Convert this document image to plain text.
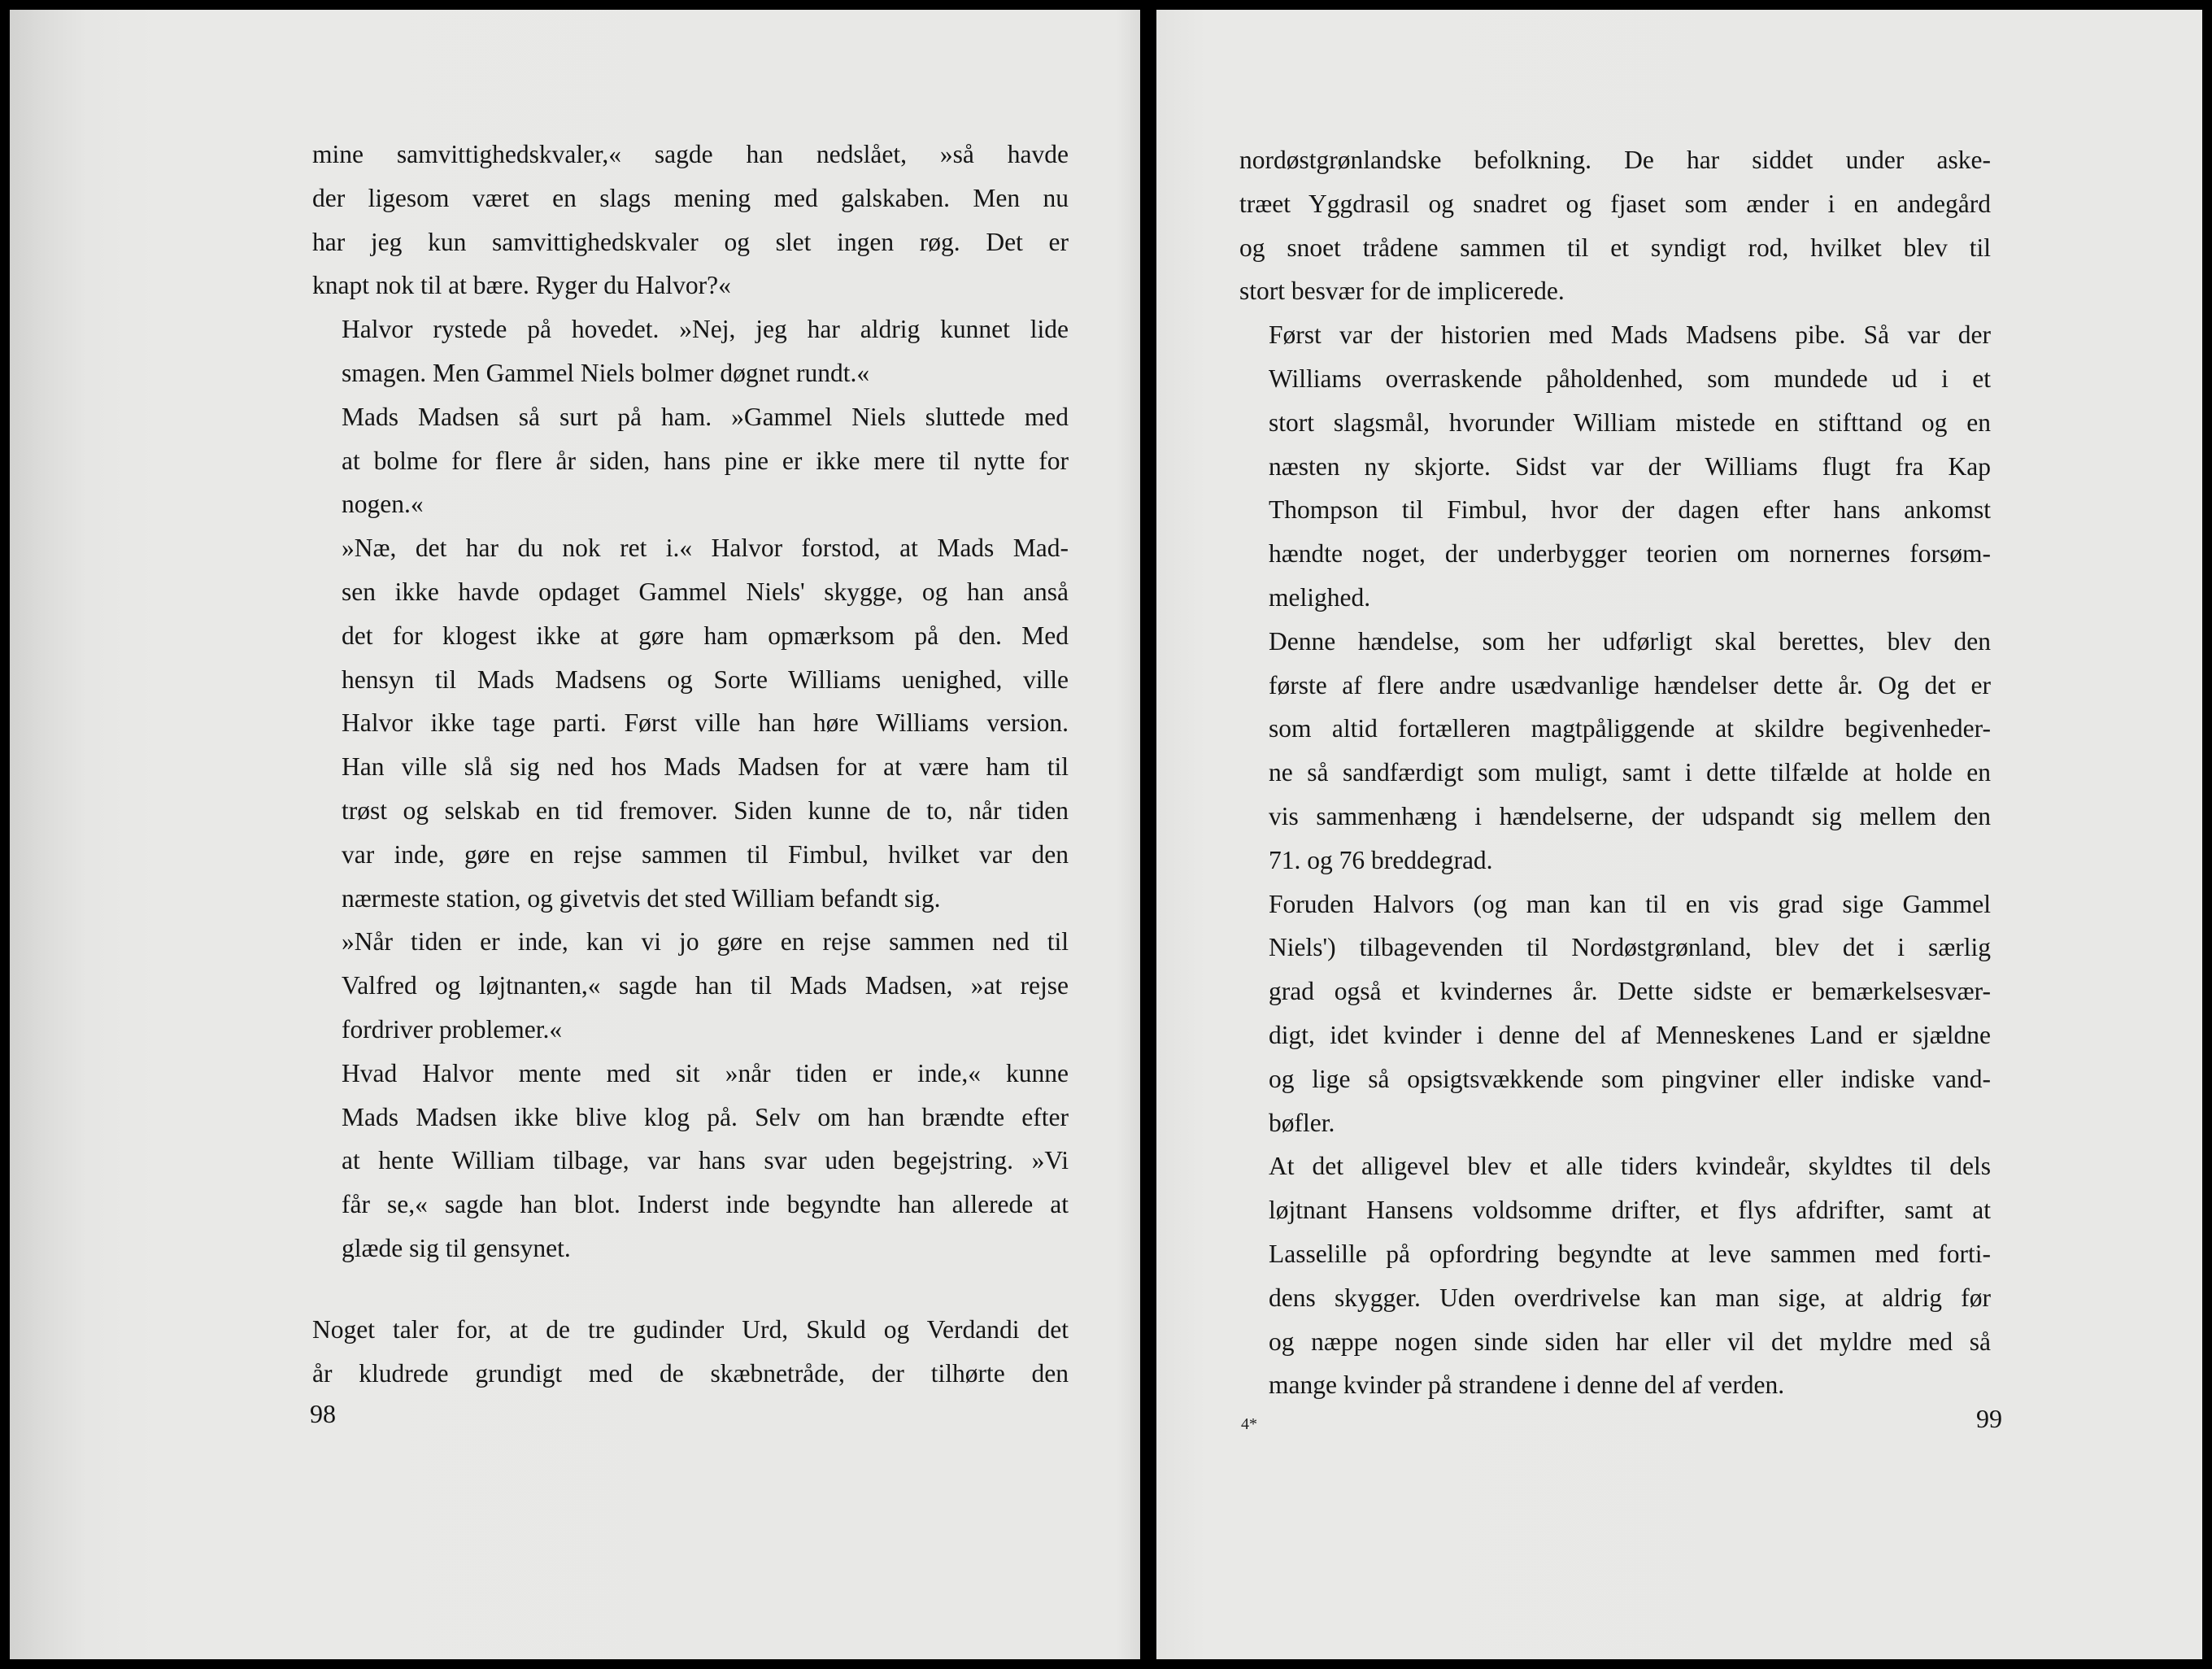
mine samvittighedskvaler,« sagde han nedslået, »så havde
der ligesom været en slags mening med galskaben. Men nu
har jeg kun samvittighedskvaler og slet ingen røg. Det er
knapt nok til at bære. Ryger du Halvor?«

Halvor rystede på hovedet. »Nej, jeg har aldrig kunnet lide
smagen. Men Gammel Niels bolmer døgnet rundt.«

Mads Madsen så surt på ham. »Gammel Niels sluttede med
at bolme for flere år siden, hans pine er ikke mere til nytte for
nogen.«

»Næ, det har du nok ret i.« Halvor forstod, at Mads Mad-
sen ikke havde opdaget Gammel Niels' skygge, og han anså
det for klogest ikke at gøre ham opmærksom på den. Med
hensyn til Mads Madsens og Sorte Williams uenighed, ville
Halvor ikke tage parti. Først ville han høre Williams version.
Han ville slå sig ned hos Mads Madsen for at være ham til
trøst og selskab en tid fremover. Siden kunne de to, når tiden
var inde, gøre en rejse sammen til Fimbul, hvilket var den
nærmeste station, og givetvis det sted William befandt sig.

»Når tiden er inde, kan vi jo gøre en rejse sammen ned til
Valfred og løjtnanten,« sagde han til Mads Madsen, »at rejse
fordriver problemer.«

Hvad Halvor mente med sit »når tiden er inde,« kunne
Mads Madsen ikke blive klog på. Selv om han brændte efter
at hente William tilbage, var hans svar uden begejstring. »Vi
får se,« sagde han blot. Inderst inde begyndte han allerede at
glæde sig til gensynet.

Noget taler for, at de tre gudinder Urd, Skuld og Verdandi det
år kludrede grundigt med de skæbnetråde, der tilhørte den

98

nordøstgrønlandske befolkning. De har siddet under aske-
træet Yggdrasil og snadret og fjaset som ænder i en andegård
og snoet trådene sammen til et syndigt rod, hvilket blev til
stort besvær for de implicerede.

Først var der historien med Mads Madsens pibe. Så var der
Williams overraskende påholdenhed, som mundede ud i et
stort slagsmål, hvorunder William mistede en stifttand og en
næsten ny skjorte. Sidst var der Williams flugt fra Kap
Thompson til Fimbul, hvor der dagen efter hans ankomst
hændte noget, der underbygger teorien om nornernes forsøm-
melighed.

Denne hændelse, som her udførligt skal berettes, blev den
første af flere andre usædvanlige hændelser dette år. Og det er
som altid fortælleren magtpåliggende at skildre begivenheder-
ne så sandfærdigt som muligt, samt i dette tilfælde at holde en
vis sammenhæng i hændelserne, der udspandt sig mellem den
71. og 76 breddegrad.

Foruden Halvors (og man kan til en vis grad sige Gammel
Niels') tilbagevenden til Nordøstgrønland, blev det i særlig
grad også et kvindernes år. Dette sidste er bemærkelsesvær-
digt, idet kvinder i denne del af Menneskenes Land er sjældne
og lige så opsigtsvækkende som pingviner eller indiske vand-
bøfler.

At det alligevel blev et alle tiders kvindeår, skyldtes til dels
løjtnant Hansens voldsomme drifter, et flys afdrifter, samt at
Lasselille på opfordring begyndte at leve sammen med forti-
dens skygger. Uden overdrivelse kan man sige, at aldrig før
og næppe nogen sinde siden har eller vil det myldre med så
mange kvinder på strandene i denne del af verden.

4*	99
